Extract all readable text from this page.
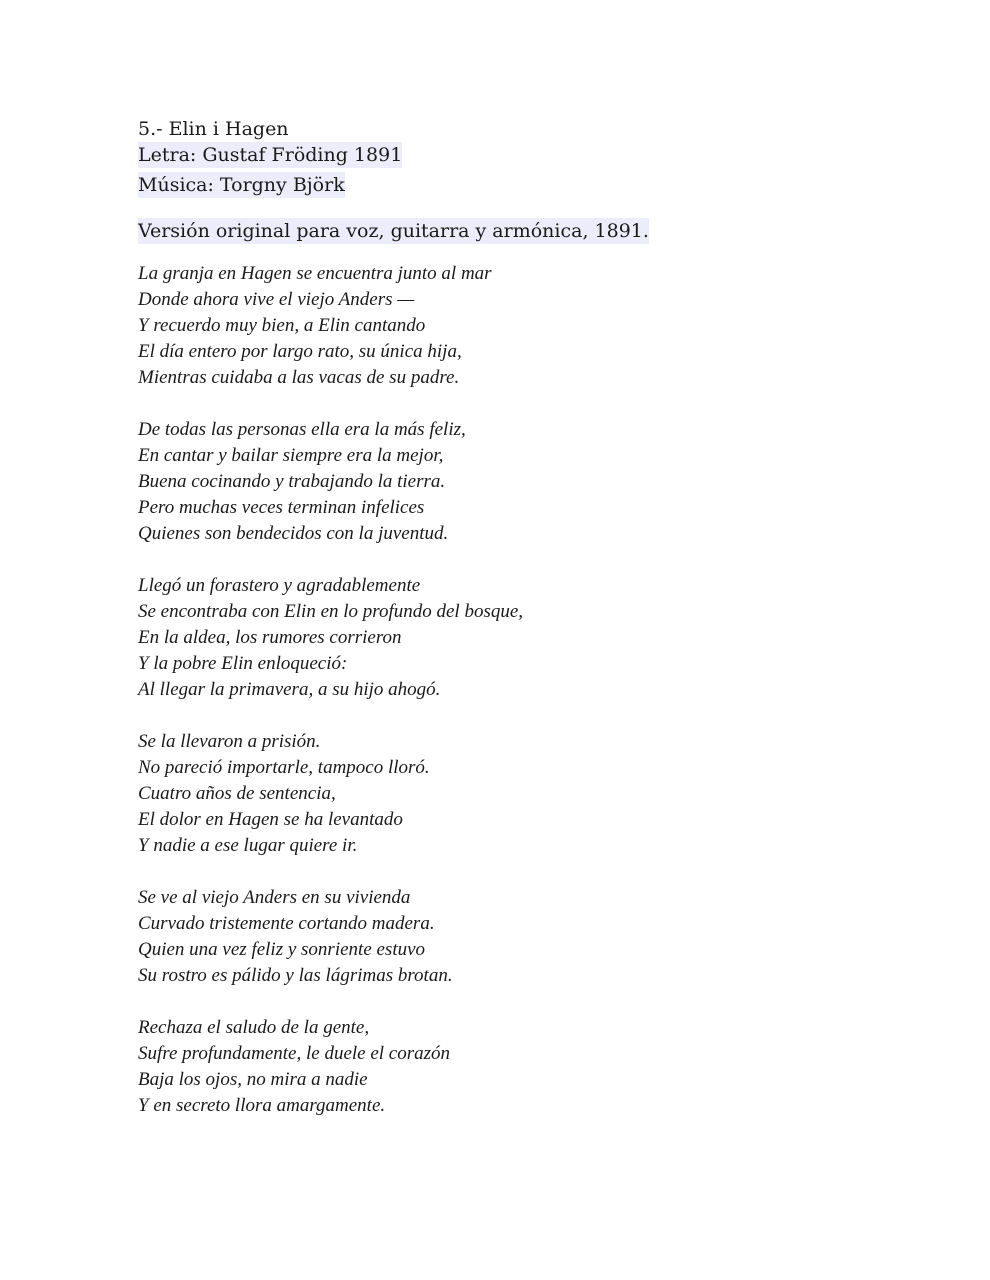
5.- Elin i Hagen
Letra: Gustaf Fröding 1891
Música: Torgny Björk
Versión original para voz, guitarra y armónica, 1891.
La granja en Hagen se encuentra junto al mar
Donde ahora vive el viejo Anders —
Y recuerdo muy bien, a Elin cantando
El día entero por largo rato, su única hija,
Mientras cuidaba a las vacas de su padre.
De todas las personas ella era la más feliz,
En cantar y bailar siempre era la mejor,
Buena cocinando y trabajando la tierra.
Pero muchas veces terminan infelices
Quienes son bendecidos con la juventud.
Llegó un forastero y agradablemente
Se encontraba con Elin en lo profundo del bosque,
En la aldea, los rumores corrieron
Y la pobre Elin enloqueció:
Al llegar la primavera, a su hijo ahogó.
Se la llevaron a prisión.
No pareció importarle, tampoco lloró.
Cuatro años de sentencia,
El dolor en Hagen se ha levantado
Y nadie a ese lugar quiere ir.
Se ve al viejo Anders en su vivienda
Curvado tristemente cortando madera.
Quien una vez feliz y sonriente estuvo
Su rostro es pálido y las lágrimas brotan.
Rechaza el saludo de la gente,
Sufre profundamente, le duele el corazón
Baja los ojos, no mira a nadie
Y en secreto llora amargamente.
